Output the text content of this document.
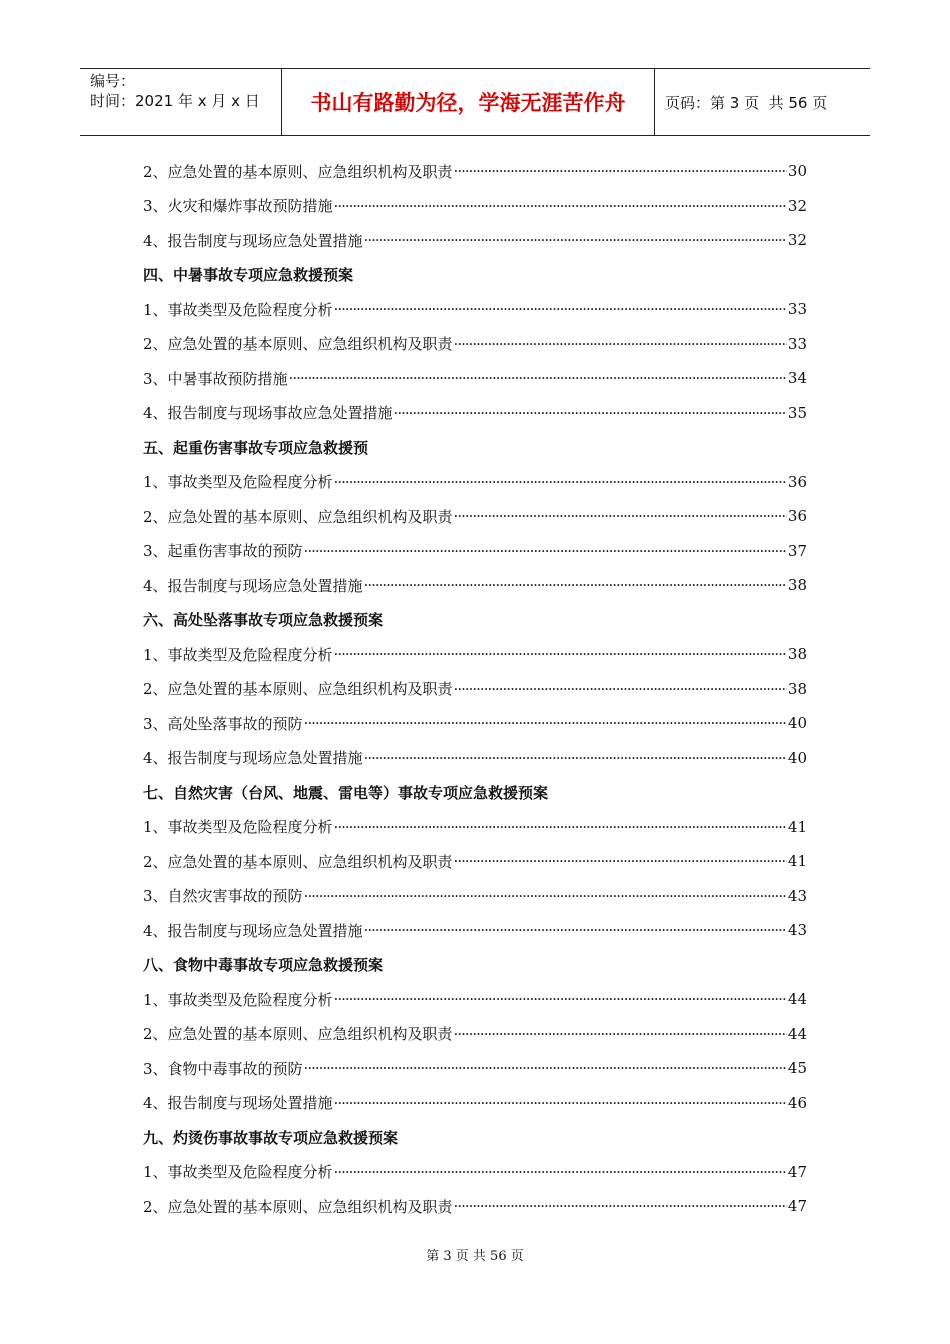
编号：
时间：2021 年 x 月 x 日	书山有路勤为径，学海无涯苦作舟	页码：第 3 页  共 56 页
2、应急处置的基本原则、应急组织机构及职责 ·····	30
3、火灾和爆炸事故预防措施 ·····	32
4、报告制度与现场应急处置措施 ·····	32
四、中暑事故专项应急救援预案
1、事故类型及危险程度分析 ·····	33
2、应急处置的基本原则、应急组织机构及职责 ·····	33
3、中暑事故预防措施 ·····	34
4、报告制度与现场事故应急处置措施 ·····	35
五、起重伤害事故专项应急救援预
1、事故类型及危险程度分析 ·····	36
2、应急处置的基本原则、应急组织机构及职责 ·····	36
3、起重伤害事故的预防 ·····	37
4、报告制度与现场应急处置措施 ·····	38
六、高处坠落事故专项应急救援预案
1、事故类型及危险程度分析 ·····	38
2、应急处置的基本原则、应急组织机构及职责 ·····	38
3、高处坠落事故的预防 ·····	40
4、报告制度与现场应急处置措施 ·····	40
七、自然灾害（台风、地震、雷电等）事故专项应急救援预案
1、事故类型及危险程度分析 ·····	41
2、应急处置的基本原则、应急组织机构及职责 ·····	41
3、自然灾害事故的预防 ·····	43
4、报告制度与现场应急处置措施 ·····	43
八、食物中毒事故专项应急救援预案
1、事故类型及危险程度分析 ·····	44
2、应急处置的基本原则、应急组织机构及职责 ·····	44
3、食物中毒事故的预防 ·····	45
4、报告制度与现场处置措施 ·····	46
九、灼烫伤事故事故专项应急救援预案
1、事故类型及危险程度分析 ·····	47
2、应急处置的基本原则、应急组织机构及职责 ·····	47
第 3 页 共 56 页
